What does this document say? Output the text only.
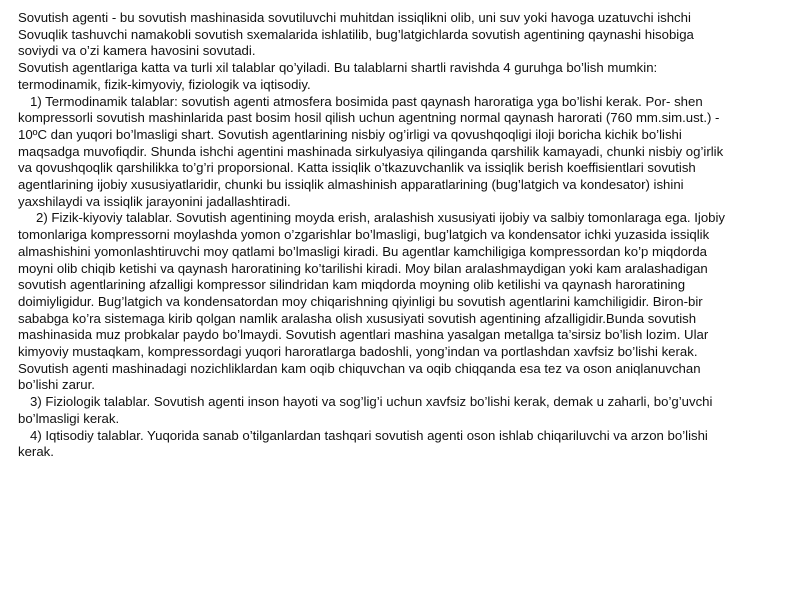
Sovutish agenti - bu sovutish mashinasida sovutiluvchi muhitdan issiqlikni olib, uni suv yoki havoga uzatuvchi ishchi
Sovuqlik tashuvchi namakobli sovutish sxemalarida ishlatilib, bug’latgichlarda sovutish agentining qaynashi hisobiga
soviydi va o’zi kamera havosini sovutadi.
Sovutish agentlariga katta va turli xil talablar qo’yiladi. Bu talablarni shartli ravishda 4 guruhga bo’lish mumkin:
termodinamik, fizik-kimyoviy, fiziologik va iqtisodiy.
1) Termodinamik talablar: sovutish agenti atmosfera bosimida past qaynash haroratiga yga bo’lishi kerak. Por- shen
kompressorli sovutish mashinlarida past bosim hosil qilish uchun agentning normal qaynash harorati (760 mm.sim.ust.) -
10ºC dan yuqori bo’lmasligi shart. Sovutish agentlarining nisbiy og’irligi va qovushqoqligi iloji boricha kichik bo’lishi
maqsadga muvofiqdir. Shunda ishchi agentini mashinada sirkulyasiya qilinganda qarshilik kamayadi, chunki nisbiy og’irlik
va qovushqoqlik qarshilikka to’g’ri proporsional. Katta issiqlik o’tkazuvchanlik va issiqlik berish koeffisientlari sovutish
agentlarining ijobiy xususiyatlaridir, chunki bu issiqlik almashinish apparatlarining (bug’latgich va kondesator) ishini
yaxshilaydi va issiqlik jarayonini jadallashtiradi.
2) Fizik-kiyoviy talablar. Sovutish agentining moyda erish, aralashish xususiyati ijobiy va salbiy tomonlaraga ega. Ijobiy
tomonlariga kompressorni moylashda yomon o’zgarishlar bo’lmasligi, bug’latgich va kondensator ichki yuzasida issiqlik
almashishini yomonlashtiruvchi moy qatlami bo’lmasligi kiradi. Bu agentlar kamchiligiga kompressordan ko’p miqdorda
moyni olib chiqib ketishi va qaynash haroratining ko’tarilishi kiradi. Moy bilan aralashmaydigan yoki kam aralashadigan
sovutish agentlarining afzalligi kompressor silindridan kam miqdorda moyning olib ketilishi va qaynash haroratining
doimiyligidur. Bug’latgich va kondensatordan moy chiqarishning qiyinligi bu sovutish agentlarini kamchiligidir. Biron-bir
sababga ko’ra sistemaga kirib qolgan namlik aralasha olish xususiyati sovutish agentining afzalligidir.Bunda sovutish
mashinasida muz probkalar paydo bo’lmaydi. Sovutish agentlari mashina yasalgan metallga ta’sirsiz bo’lish lozim. Ular
kimyoviy mustaqkam, kompressordagi yuqori haroratlarga badoshli, yong’indan va portlashdan xavfsiz bo’lishi kerak.
Sovutish agenti mashinadagi nozichliklardan kam oqib chiquvchan va oqib chiqqanda esa tez va oson aniqlanuvchan
bo’lishi zarur.
3) Fiziologik talablar. Sovutish agenti inson hayoti va sog’lig’i uchun xavfsiz bo’lishi kerak, demak u zaharli, bo’g’uvchi
bo’lmasligi kerak.
4) Iqtisodiy talablar. Yuqorida sanab o’tilganlardan tashqari sovutish agenti oson ishlab chiqariluvchi va arzon bo’lishi
kerak.
